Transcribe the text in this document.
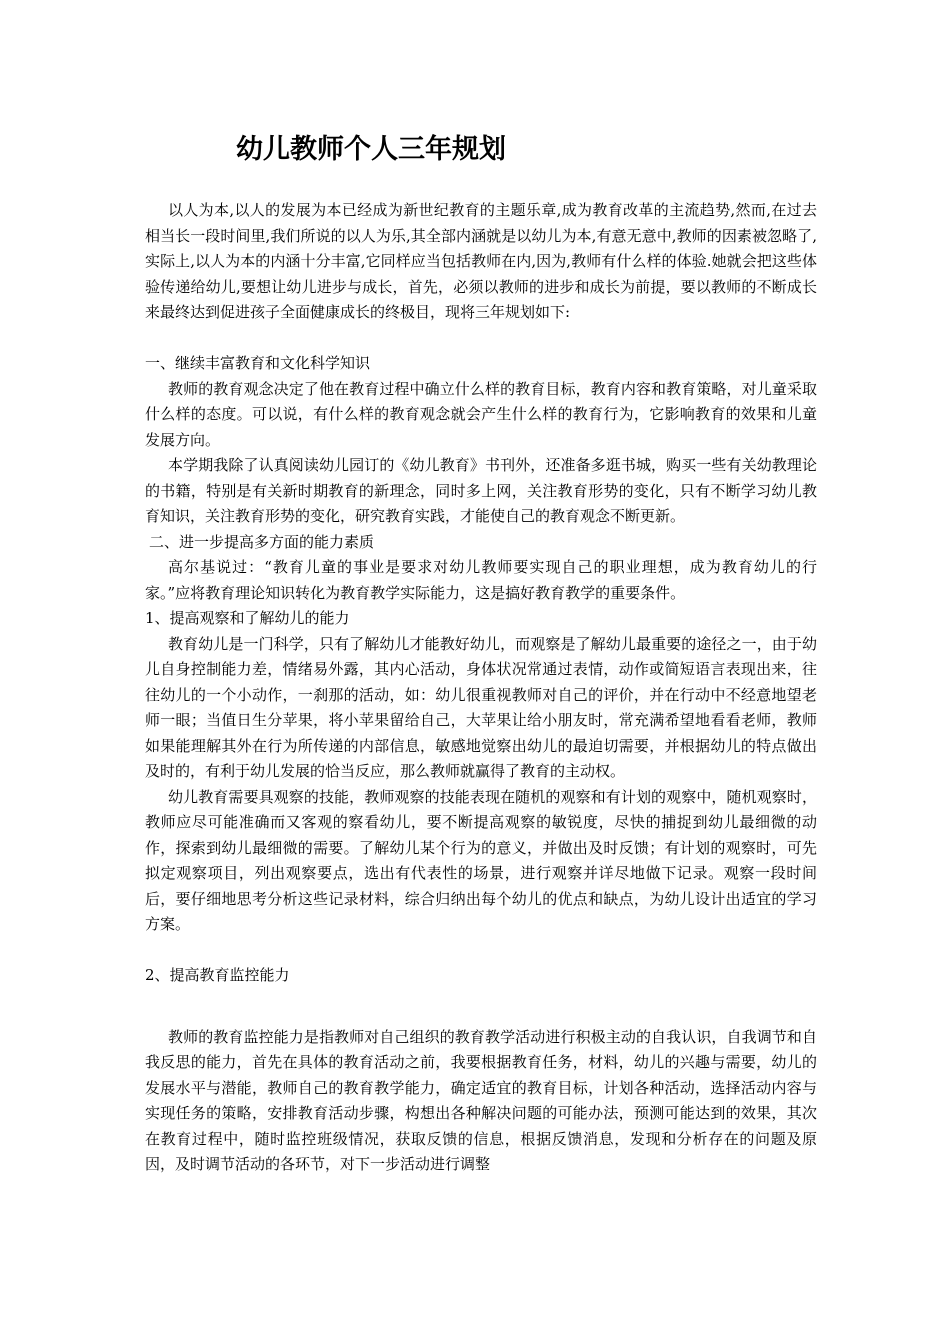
幼儿教师个人三年规划

以人为本,以人的发展为本已经成为新世纪教育的主题乐章,成为教育改革的主流趋势,然而,在过去相当长一段时间里,我们所说的以人为乐,其全部内涵就是以幼儿为本,有意无意中,教师的因素被忽略了,实际上,以人为本的内涵十分丰富,它同样应当包括教师在内,因为,教师有什么样的体验.她就会把这些体验传递给幼儿,要想让幼儿进步与成长，首先，必须以教师的进步和成长为前提，要以教师的不断成长来最终达到促进孩子全面健康成长的终极目，现将三年规划如下:

一、继续丰富教育和文化科学知识

教师的教育观念决定了他在教育过程中确立什么样的教育目标，教育内容和教育策略，对儿童采取什么样的态度。可以说，有什么样的教育观念就会产生什么样的教育行为，它影响教育的效果和儿童发展方向。

本学期我除了认真阅读幼儿园订的《幼儿教育》书刊外，还准备多逛书城，购买一些有关幼教理论的书籍，特别是有关新时期教育的新理念，同时多上网，关注教育形势的变化，只有不断学习幼儿教育知识，关注教育形势的变化，研究教育实践，才能使自己的教育观念不断更新。

二、进一步提高多方面的能力素质

高尔基说过：“教育儿童的事业是要求对幼儿教师要实现自己的职业理想，成为教育幼儿的行家。”应将教育理论知识转化为教育教学实际能力，这是搞好教育教学的重要条件。

1、提高观察和了解幼儿的能力

教育幼儿是一门科学，只有了解幼儿才能教好幼儿，而观察是了解幼儿最重要的途径之一，由于幼儿自身控制能力差，情绪易外露，其内心活动，身体状况常通过表情，动作或简短语言表现出来，往往幼儿的一个小动作，一刹那的活动，如：幼儿很重视教师对自己的评价，并在行动中不经意地望老师一眼；当值日生分苹果，将小苹果留给自己，大苹果让给小朋友时，常充满希望地看看老师，教师如果能理解其外在行为所传递的内部信息，敏感地觉察出幼儿的最迫切需要，并根据幼儿的特点做出及时的，有利于幼儿发展的恰当反应，那么教师就赢得了教育的主动权。

幼儿教育需要具观察的技能，教师观察的技能表现在随机的观察和有计划的观察中，随机观察时，教师应尽可能准确而又客观的察看幼儿，要不断提高观察的敏锐度，尽快的捕捉到幼儿最细微的动作，探索到幼儿最细微的需要。了解幼儿某个行为的意义，并做出及时反馈；有计划的观察时，可先拟定观察项目，列出观察要点，选出有代表性的场景，进行观察并详尽地做下记录。观察一段时间后，要仔细地思考分析这些记录材料，综合归纳出每个幼儿的优点和缺点，为幼儿设计出适宜的学习方案。

2、提高教育监控能力

教师的教育监控能力是指教师对自己组织的教育教学活动进行积极主动的自我认识，自我调节和自我反思的能力，首先在具体的教育活动之前，我要根据教育任务，材料，幼儿的兴趣与需要，幼儿的发展水平与潜能，教师自己的教育教学能力，确定适宜的教育目标，计划各种活动，选择活动内容与实现任务的策略，安排教育活动步骤，构想出各种解决问题的可能办法，预测可能达到的效果，其次在教育过程中，随时监控班级情况，获取反馈的信息，根据反馈消息，发现和分析存在的问题及原因，及时调节活动的各环节，对下一步活动进行调整
